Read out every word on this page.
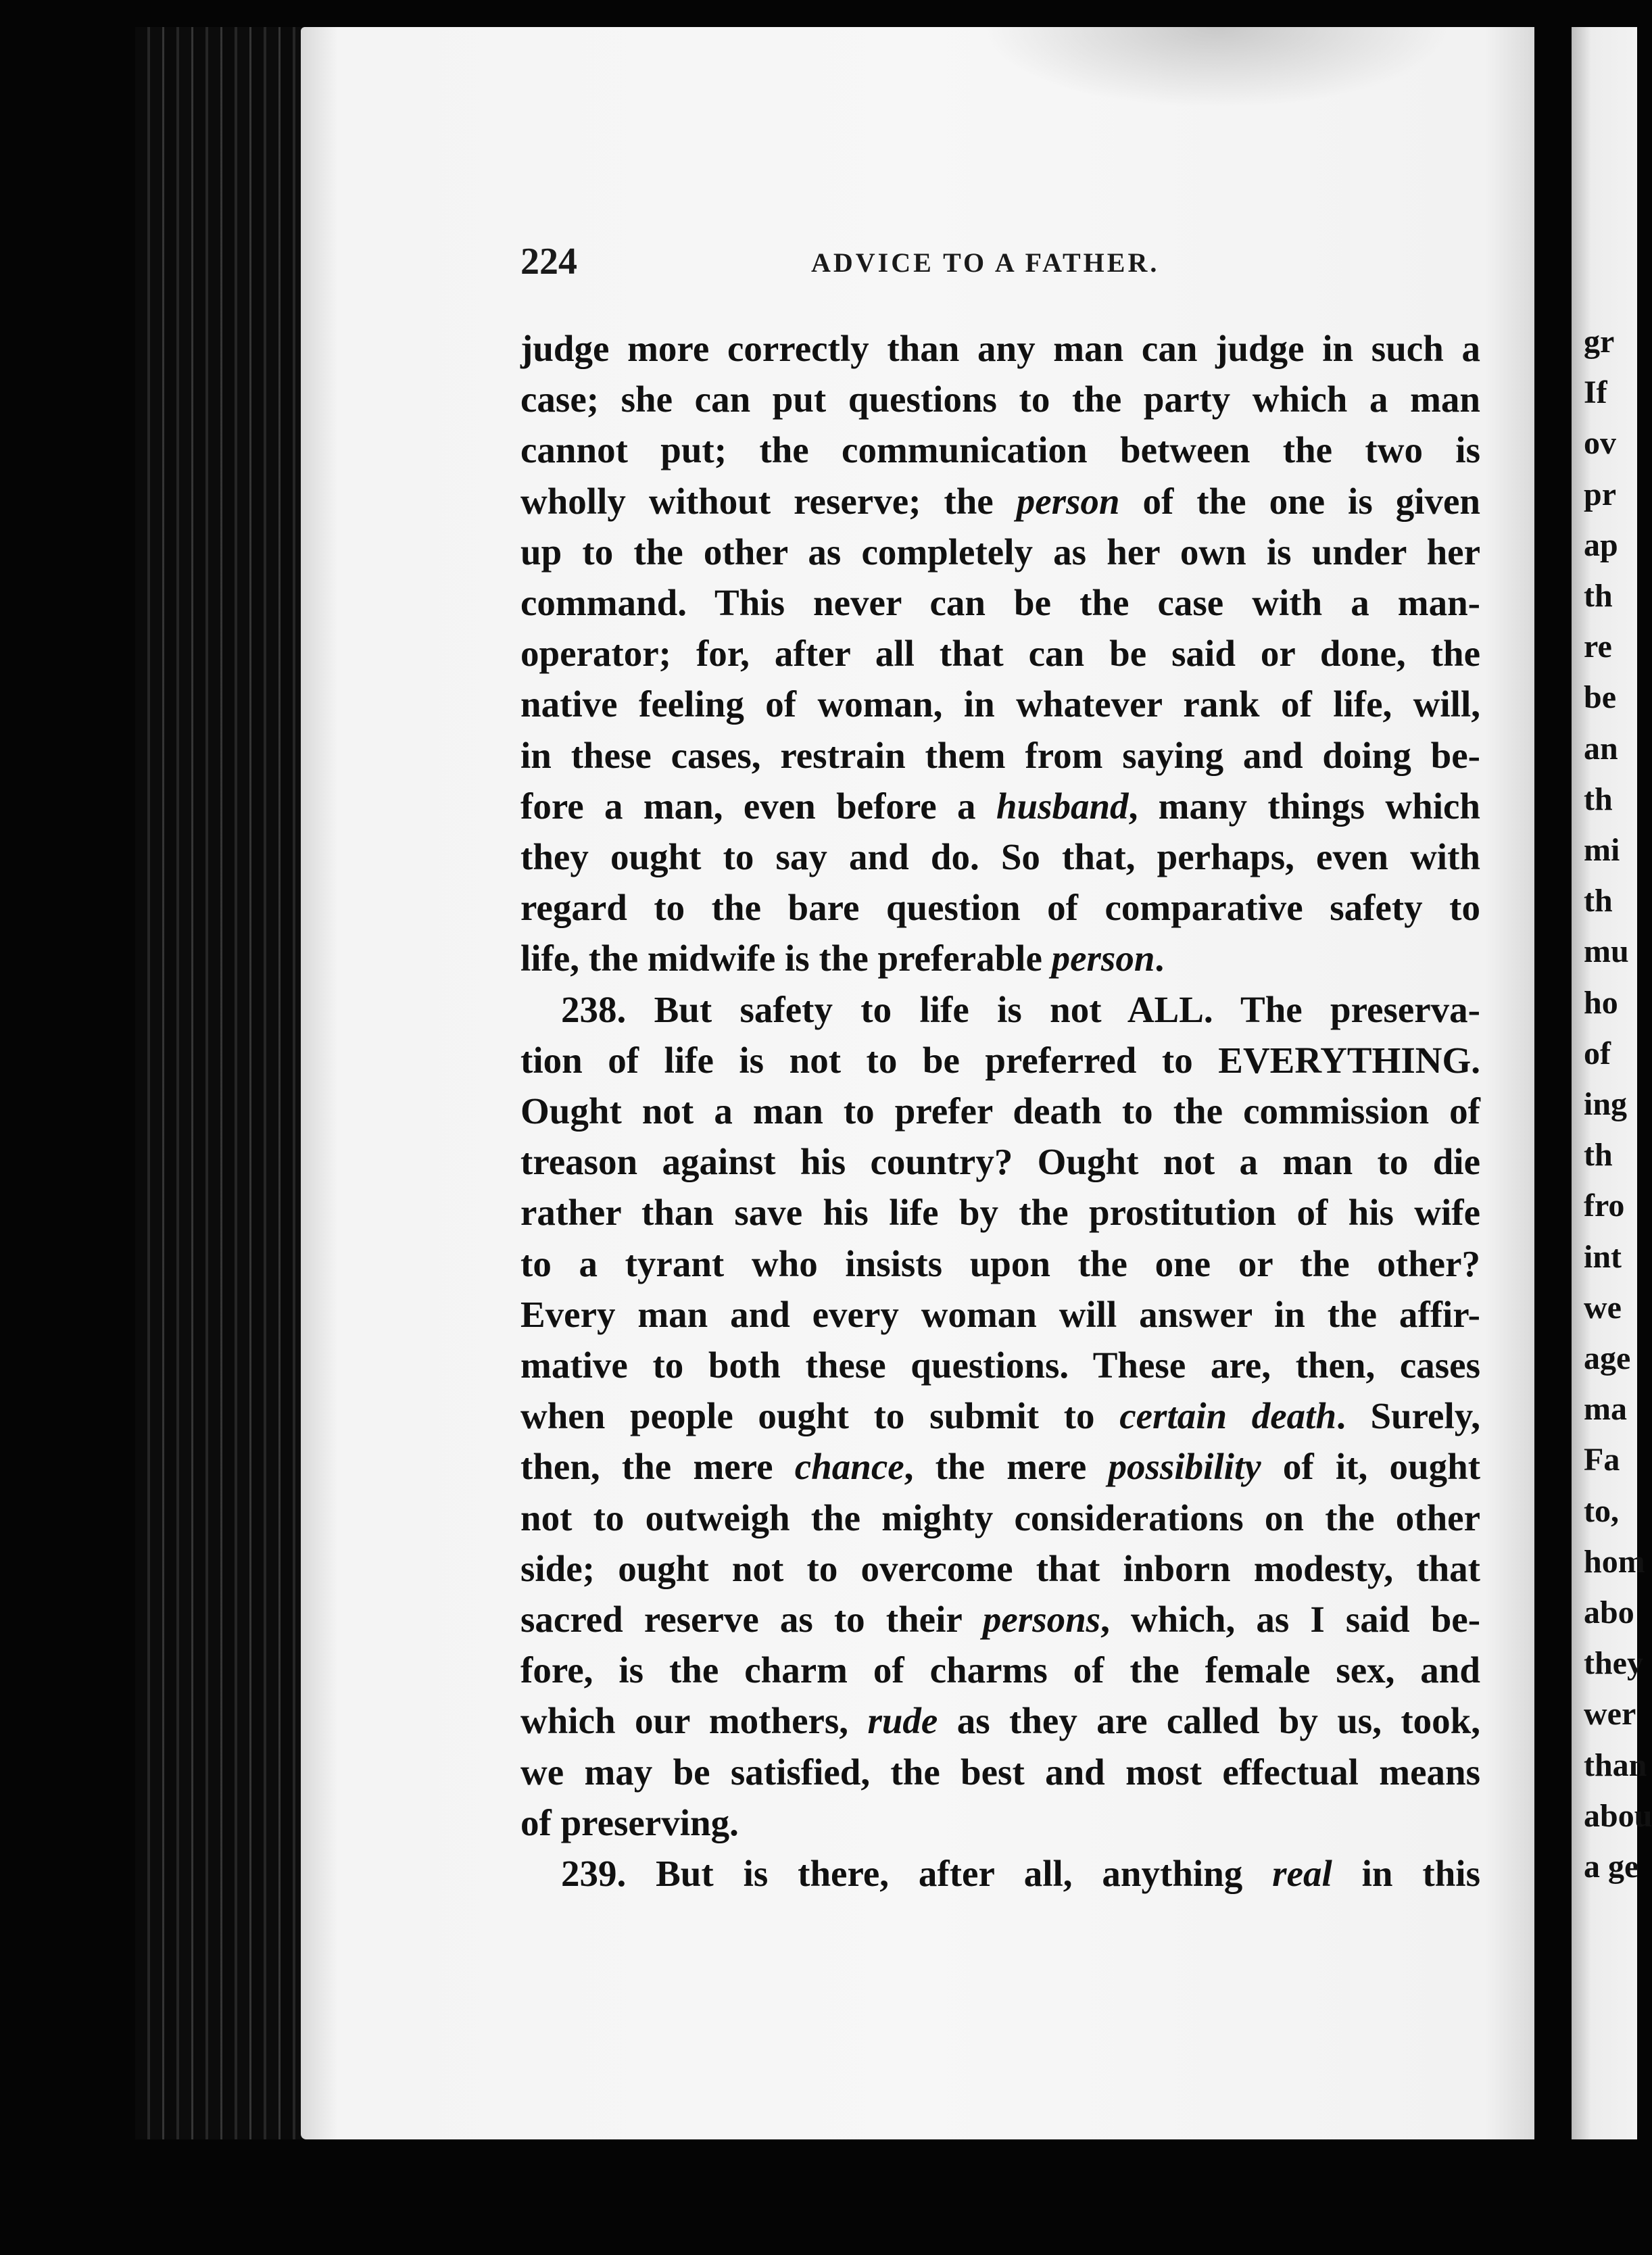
224	ADVICE TO A FATHER.
judge more correctly than any man can judge in such a
case; she can put questions to the party which a man
cannot put; the communication between the two is
wholly without reserve; the person of the one is given
up to the other as completely as her own is under her
command. This never can be the case with a man-
operator; for, after all that can be said or done, the
native feeling of woman, in whatever rank of life, will,
in these cases, restrain them from saying and doing be-
fore a man, even before a husband, many things which
they ought to say and do. So that, perhaps, even with
regard to the bare question of comparative safety to
life, the midwife is the preferable person.
238. But safety to life is not ALL. The preserva-
tion of life is not to be preferred to EVERYTHING.
Ought not a man to prefer death to the commission of
treason against his country? Ought not a man to die
rather than save his life by the prostitution of his wife
to a tyrant who insists upon the one or the other?
Every man and every woman will answer in the affir-
mative to both these questions. These are, then, cases
when people ought to submit to certain death. Surely,
then, the mere chance, the mere possibility of it, ought
not to outweigh the mighty considerations on the other
side; ought not to overcome that inborn modesty, that
sacred reserve as to their persons, which, as I said be-
fore, is the charm of charms of the female sex, and
which our mothers, rude as they are called by us, took,
we may be satisfied, the best and most effectual means
of preserving.
239. But is there, after all, anything real in this
gr
If
ov
pr
ap
th
re
be
an
th
mi
th
mu
ho
of
ing
th
fro
int
we
age
ma
Fa
to,
hom
abo
they
wer
than
abou
a ge
